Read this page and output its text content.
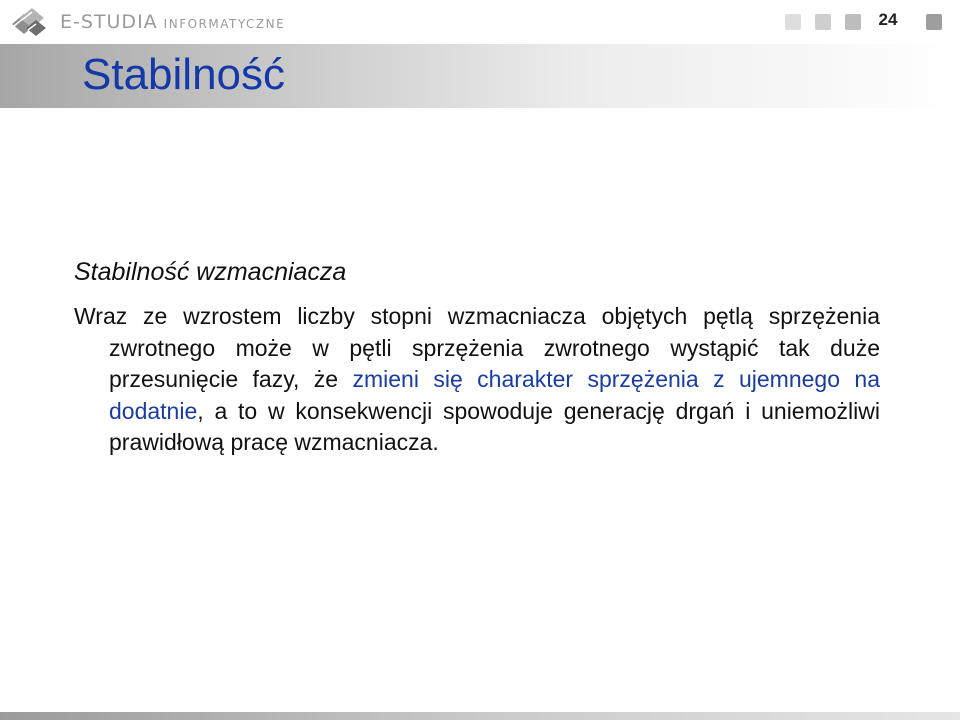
E-STUDIA INFORMATYCZNE	24
Stabilność
Stabilność wzmacniacza

Wraz ze wzrostem liczby stopni wzmacniacza objętych pętlą sprzężenia zwrotnego może w pętli sprzężenia zwrotnego wystąpić tak duże przesunięcie fazy, że zmieni się charakter sprzężenia z ujemnego na dodatnie, a to w konsekwencji spowoduje generację drgań i uniemożliwi prawidłową pracę wzmacniacza.
